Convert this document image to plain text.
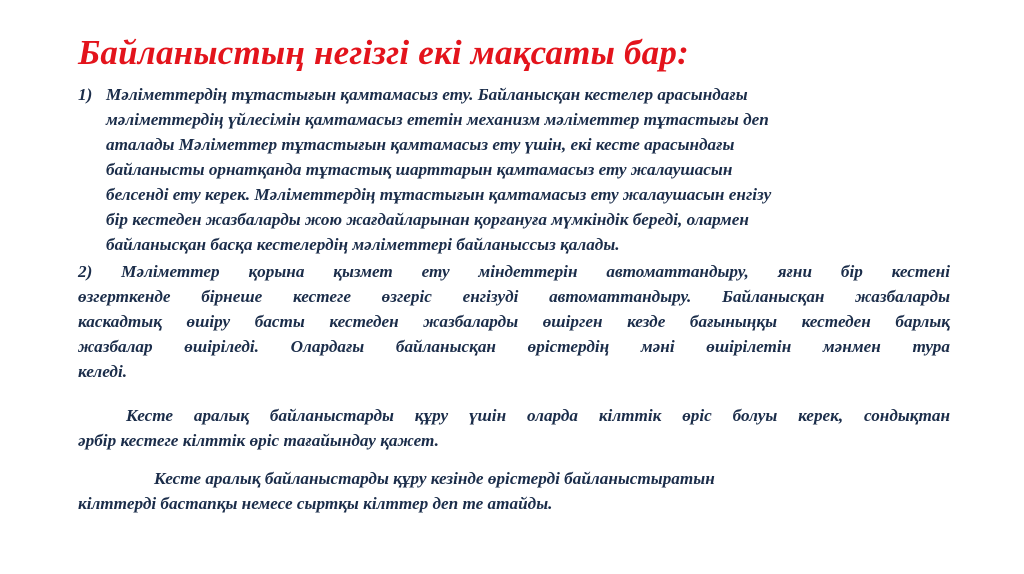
Байланыстың негізгі екі мақсаты бар:
1) Мәліметтердің тұтастығын қамтамасыз ету. Байланысқан кестелер арасындағы
мәліметтердің үйлесімін қамтамасыз ететін механизм мәліметтер тұтастығы деп
аталады Мәліметтер тұтастығын қамтамасыз ету үшін, екі кесте арасындағы
байланысты орнатқанда тұтастық шарттарын қамтамасыз ету жалаушасын
белсенді ету керек. Мәліметтердің тұтастығын қамтамасыз ету жалаушасын енгізу
бір кестеден жазбаларды жою жағдайларынан қорғануға мүмкіндік береді, олармен
байланысқан басқа кестелердің мәліметтері байланыссыз қалады.
2) Мәліметтер қорына қызмет ету міндеттерін автоматтандыру, яғни бір кестені
өзгерткенде бірнеше кестеге өзгеріс енгізуді автоматтандыру. Байланысқан жазбаларды
каскадтық өшіру басты кестеден жазбаларды өшірген кезде бағыныңқы кестеден барлық
жазбалар өшіріледі. Олардағы байланысқан өрістердің мәні өшірілетін мәнмен тура
келеді.
Кесте аралық байланыстарды құру үшін оларда кілттік өріс болуы керек, сондықтан
әрбір кестеге кілттік өріс тағайындау қажет.
Кесте аралық байланыстарды құру кезінде өрістерді байланыстыратын
кілттерді бастапқы немесе сыртқы кілттер деп те атайды.
